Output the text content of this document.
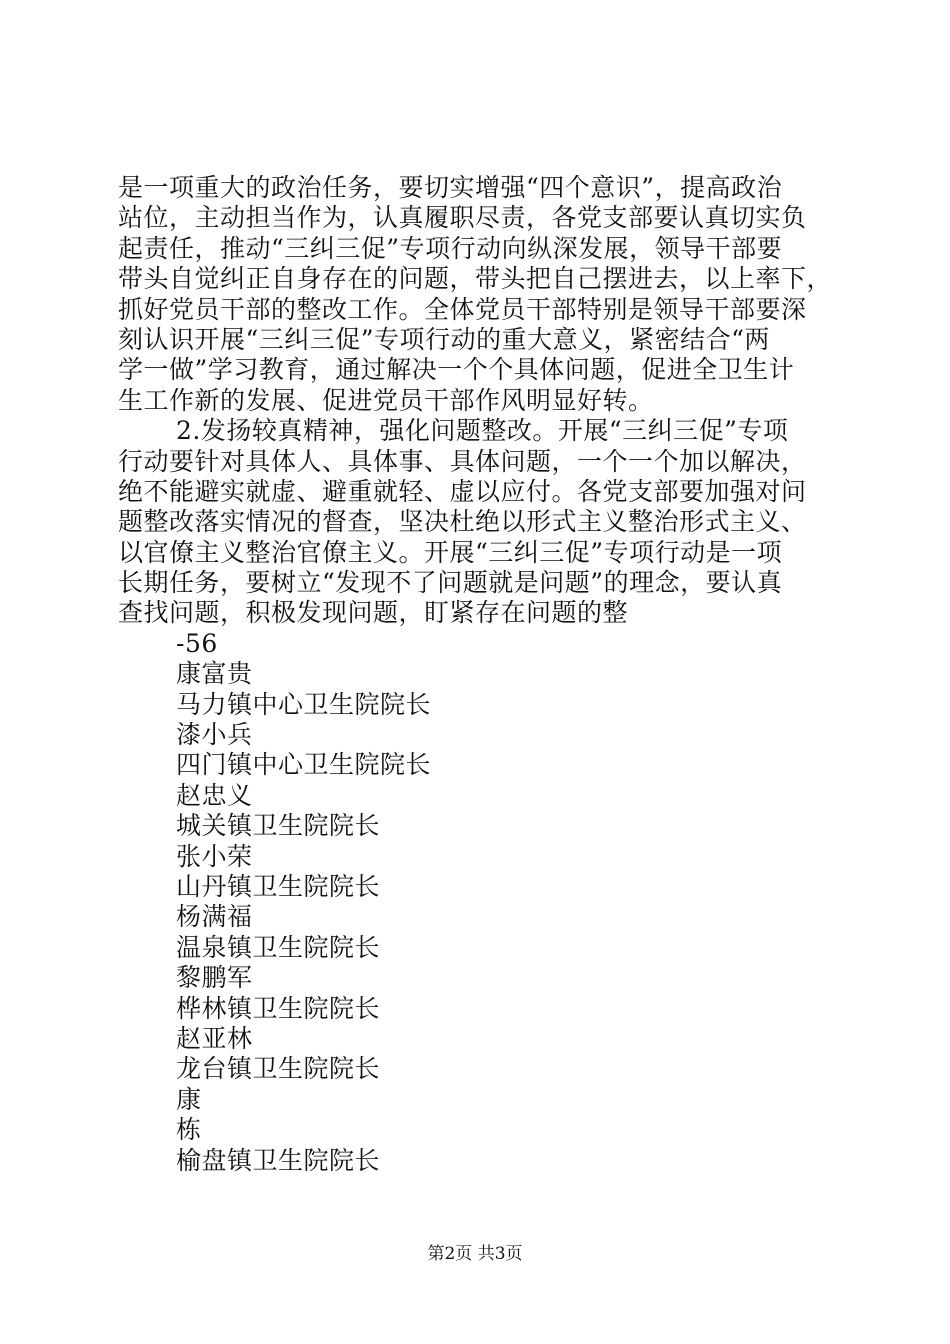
是一项重大的政治任务，要切实增强“四个意识”，提高政治
站位，主动担当作为，认真履职尽责，各党支部要认真切实负
起责任，推动“三纠三促”专项行动向纵深发展，领导干部要
带头自觉纠正自身存在的问题，带头把自己摆进去，以上率下，
抓好党员干部的整改工作。全体党员干部特别是领导干部要深
刻认识开展“三纠三促”专项行动的重大意义，紧密结合“两
学一做”学习教育，通过解决一个个具体问题，促进全卫生计
生工作新的发展、促进党员干部作风明显好转。
2.发扬较真精神，强化问题整改。开展“三纠三促”专项
行动要针对具体人、具体事、具体问题，一个一个加以解决，
绝不能避实就虚、避重就轻、虚以应付。各党支部要加强对问
题整改落实情况的督查，坚决杜绝以形式主义整治形式主义、
以官僚主义整治官僚主义。开展“三纠三促”专项行动是一项
长期任务，要树立“发现不了问题就是问题”的理念，要认真
查找问题，积极发现问题，盯紧存在问题的整
-56
康富贵
马力镇中心卫生院院长
漆小兵
四门镇中心卫生院院长
赵忠义
城关镇卫生院院长
张小荣
山丹镇卫生院院长
杨满福
温泉镇卫生院院长
黎鹏军
桦林镇卫生院院长
赵亚林
龙台镇卫生院院长
康
栋
榆盘镇卫生院院长
第2页 共3页
